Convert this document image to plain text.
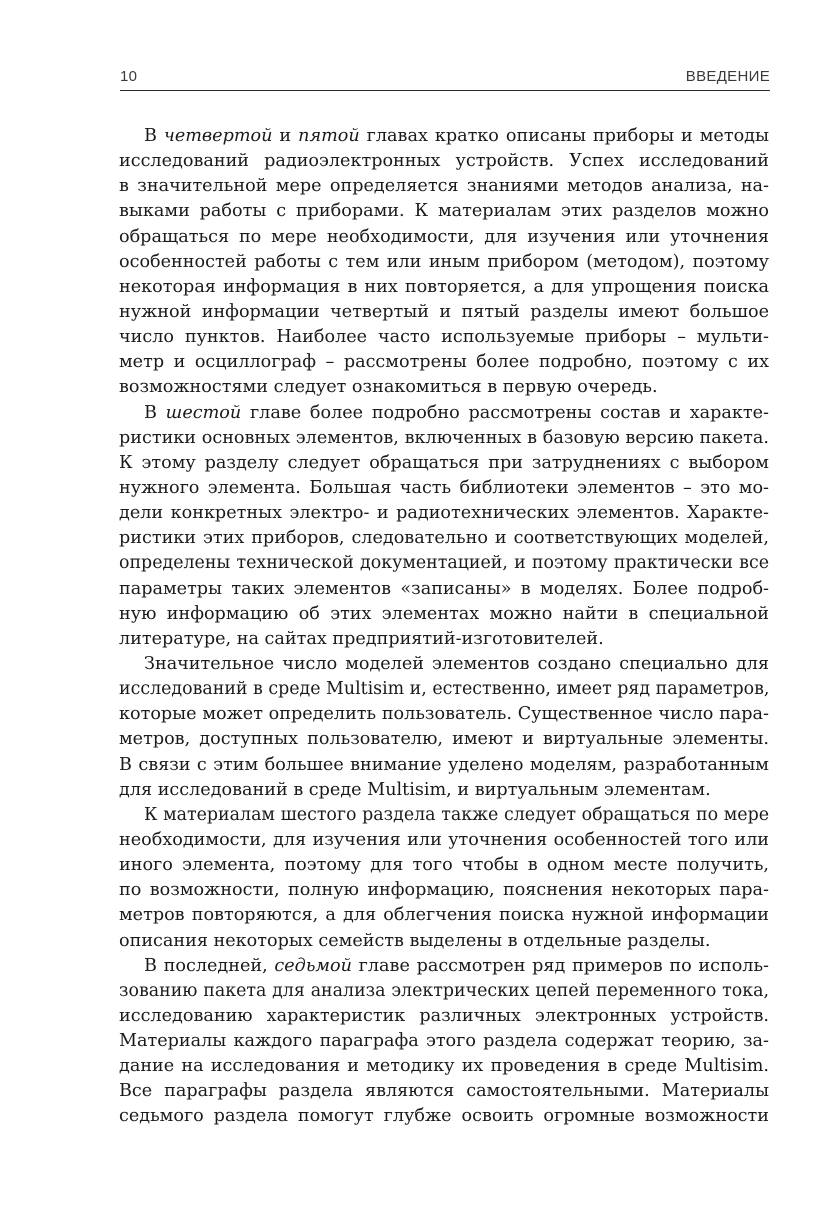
10	ВВЕДЕНИЕ
В четвертой и пятой главах кратко описаны приборы и методы
исследований радиоэлектронных устройств. Успех исследований
в значительной мере определяется знаниями методов анализа, на-
выками работы с приборами. К материалам этих разделов можно
обращаться по мере необходимости, для изучения или уточнения
особенностей работы с тем или иным прибором (методом), поэтому
некоторая информация в них повторяется, а для упрощения поиска
нужной информации четвертый и пятый разделы имеют большое
число пунктов. Наиболее часто используемые приборы – мульти-
метр и осциллограф – рассмотрены более подробно, поэтому с их
возможностями следует ознакомиться в первую очередь.
В шестой главе более подробно рассмотрены состав и характе-
ристики основных элементов, включенных в базовую версию пакета.
К этому разделу следует обращаться при затруднениях с выбором
нужного элемента. Большая часть библиотеки элементов – это мо-
дели конкретных электро- и радиотехнических элементов. Характе-
ристики этих приборов, следовательно и соответствующих моделей,
определены технической документацией, и поэтому практически все
параметры таких элементов «записаны» в моделях. Более подроб-
ную информацию об этих элементах можно найти в специальной
литературе, на сайтах предприятий-изготовителей.
Значительное число моделей элементов создано специально для
исследований в среде Multisim и, естественно, имеет ряд параметров,
которые может определить пользователь. Существенное число пара-
метров, доступных пользователю, имеют и виртуальные элементы.
В связи с этим большее внимание уделено моделям, разработанным
для исследований в среде Multisim, и виртуальным элементам.
К материалам шестого раздела также следует обращаться по мере
необходимости, для изучения или уточнения особенностей того или
иного элемента, поэтому для того чтобы в одном месте получить,
по возможности, полную информацию, пояснения некоторых пара-
метров повторяются, а для облегчения поиска нужной информации
описания некоторых семейств выделены в отдельные разделы.
В последней, седьмой главе рассмотрен ряд примеров по исполь-
зованию пакета для анализа электрических цепей переменного тока,
исследованию характеристик различных электронных устройств.
Материалы каждого параграфа этого раздела содержат теорию, за-
дание на исследования и методику их проведения в среде Multisim.
Все параграфы раздела являются самостоятельными. Материалы
седьмого раздела помогут глубже освоить огромные возможности
